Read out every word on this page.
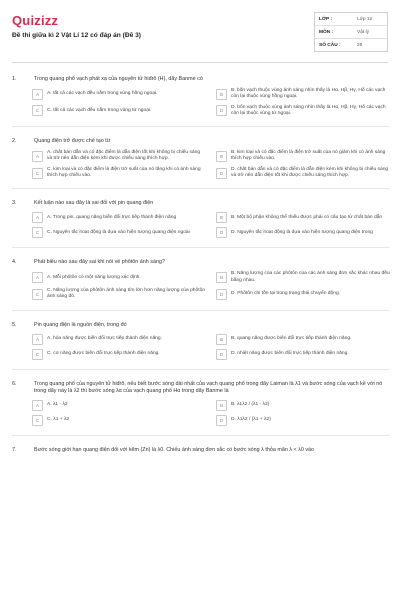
Quizizz
Đề thi giữa kì 2 Vật Lí 12 có đáp án (Đề 3)
LỚP :	Lớp 12
MÔN :	Vật lý
SỐ CÂU :	25
1.	Trong quang phổ vạch phát xạ của nguyên tử hiđrô (H), dãy Banme có
A	A. tất cả các vạch đều nằm trong vùng hồng ngoại.	B
B. bốn vạch thuộc vùng ánh sáng nhìn thấy là Hα, Hβ, Hγ, Hδ các vạch còn lại thuộc vùng hồng ngoại.
C	C. tất cả các vạch đều nằm trong vùng tử ngoại.	D
D. bốn vạch thuộc vùng ánh sáng nhìn thấy là Hα, Hβ, Hγ, Hδ các vạch còn lại thuộc vùng tử ngoại.
2.	Quang điện trở được chế tạo từ
A
A. chất bán dẫn và có đặc điểm là dẫn điện tốt khi không bị chiếu sáng và trở nên dẫn điện kém khi được chiếu sáng thích hợp.	B
B. kim loại và có đặc điểm là điện trở suất của nó giảm khi có ánh sáng thích hợp chiếu vào.
C
C. kim loại và có đặc điểm là điện trở suất của nó tăng khi có ánh sáng thích hợp chiếu vào.	D
D. chất bán dẫn và có đặc điểm là dẫn điện kém khi không bị chiếu sáng và trở nên dẫn điện tốt khi được chiếu sáng thích hợp.
3.	Kết luận nào sau đây là sai đối với pin quang điện
A	A. Trong pin, quang năng biến đổi trực tiếp thành điện năng	B	B. Một bộ phận không thể thiếu được phải có cấu tạo từ chất bán dẫn
C	C. Nguyên tắc hoạt động là dựa vào hiện tượng quang điện ngoài	D	D. Nguyên tắc hoạt động là dựa vào hiện tượng quang điện trong
4.	Phát biểu nào sau đây sai khi nói về phôtôn ánh sáng?
A	A. Mỗi phôtôn có một năng lượng xác định.	B
B. Năng lượng của các phôtôn của các ánh sáng đơn sắc khác nhau đều bằng nhau.
C
C. Năng lượng của phôtôn ánh sáng tím lớn hơn năng lượng của phôtôn ánh sáng đỏ.	D	D. Phôtôn chỉ tồn tại trong trạng thái chuyển động.
5.	Pin quang điện là nguồn điện, trong đó
A	A. hóa năng được biến đổi trực tiếp thành điện năng.	B	B. quang năng được biến đổi trực tiếp thành điện năng.
C	C. cơ năng được biến đổi trực tiếp thành điện năng.	D	D. nhiệt năng được biến đổi trực tiếp thành điện năng.
6.	Trong quang phổ của nguyên tử hiđrô, nếu biết bước sóng dài nhất của vạch quang phổ trong dãy Laiman là λ1 và bước sóng của vạch kề với nó trong dãy này là λ2 thì bước sóng λα của vạch quang phổ Hα trong dãy Banme là
A	A. λ1 - λ2	B	B. λ1λ2 / (λ1 - λ2)
C	C. λ1 + λ2	D	D. λ1λ2 / (λ1 + λ2)
7.	Bước sóng giới hạn quang điện đối với kẽm (Zn) là λ0. Chiếu ánh sáng đơn sắc có bước sóng λ thỏa mãn λ < λ0 vào
